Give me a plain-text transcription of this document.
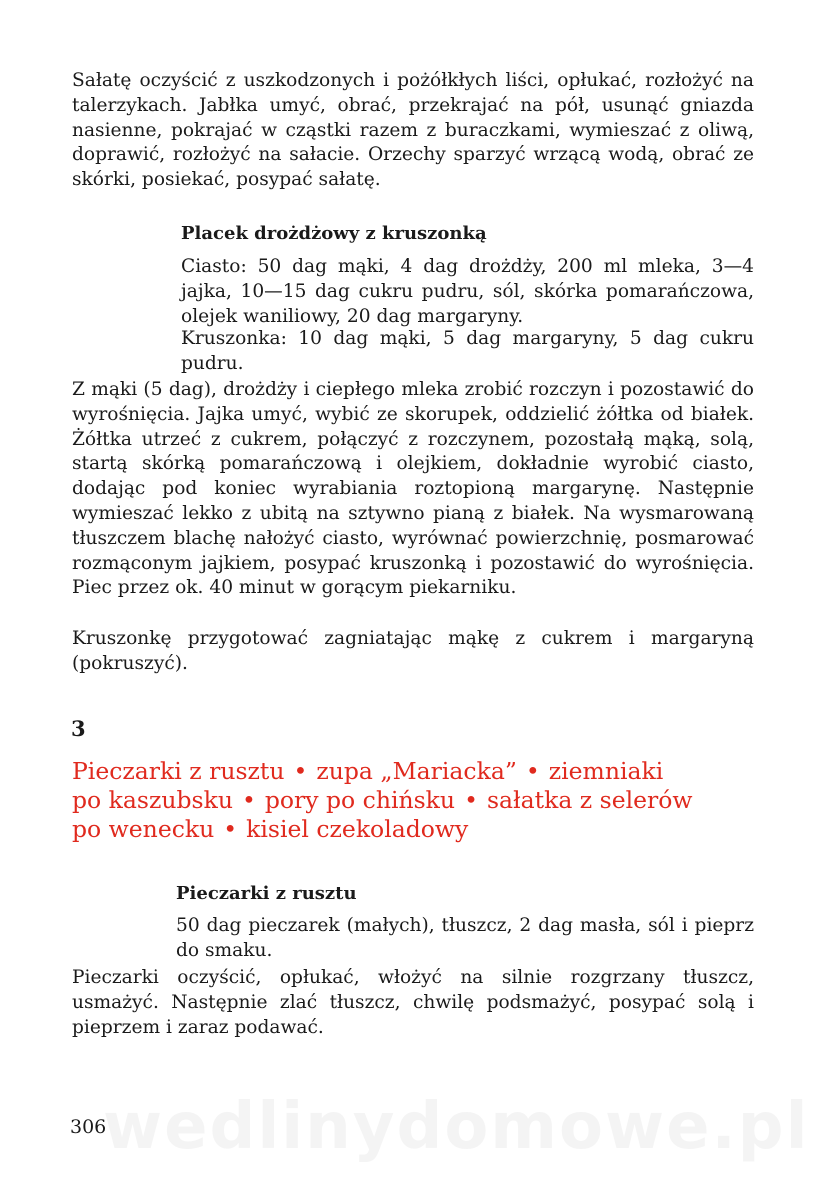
Sałatę oczyścić z uszkodzonych i pożółkłych liści, opłukać, rozłożyć na talerzykach. Jabłka umyć, obrać, przekrajać na pół, usunąć gniazda nasienne, pokrajać w cząstki razem z buraczkami, wymieszać z oliwą, doprawić, rozłożyć na sałacie. Orzechy sparzyć wrzącą wodą, obrać ze skórki, posiekać, posypać sałatę.

Placek drożdżowy z kruszonką

Ciasto: 50 dag mąki, 4 dag drożdży, 200 ml mleka, 3—4 jajka, 10—15 dag cukru pudru, sól, skórka pomarańczowa, olejek waniliowy, 20 dag margaryny.

Kruszonka: 10 dag mąki, 5 dag margaryny, 5 dag cukru pudru.

Z mąki (5 dag), drożdży i ciepłego mleka zrobić rozczyn i pozostawić do wyrośnięcia. Jajka umyć, wybić ze skorupek, oddzielić żółtka od białek. Żółtka utrzeć z cukrem, połączyć z rozczynem, pozostałą mąką, solą, startą skórką pomarańczową i olejkiem, dokładnie wyrobić ciasto, dodając pod koniec wyrabiania roztopioną margarynę. Następnie wymieszać lekko z ubitą na sztywno pianą z białek. Na wysmarowaną tłuszczem blachę nałożyć ciasto, wyrównać powierzchnię, posmarować rozmąconym jajkiem, posypać kruszonką i pozostawić do wyrośnięcia. Piec przez ok. 40 minut w gorącym piekarniku.

Kruszonkę przygotować zagniatając mąkę z cukrem i margaryną (pokruszyć).

3
Pieczarki z rusztu • zupa „Mariacka” • ziemniaki
po kaszubsku • pory po chińsku • sałatka z selerów
po wenecku • kisiel czekoladowy
Pieczarki z rusztu

50 dag pieczarek (małych), tłuszcz, 2 dag masła, sól i pieprz do smaku.

Pieczarki oczyścić, opłukać, włożyć na silnie rozgrzany tłuszcz, usmażyć. Następnie zlać tłuszcz, chwilę podsmażyć, posypać solą i pieprzem i zaraz podawać.

wedlinydomowe.pl

306
